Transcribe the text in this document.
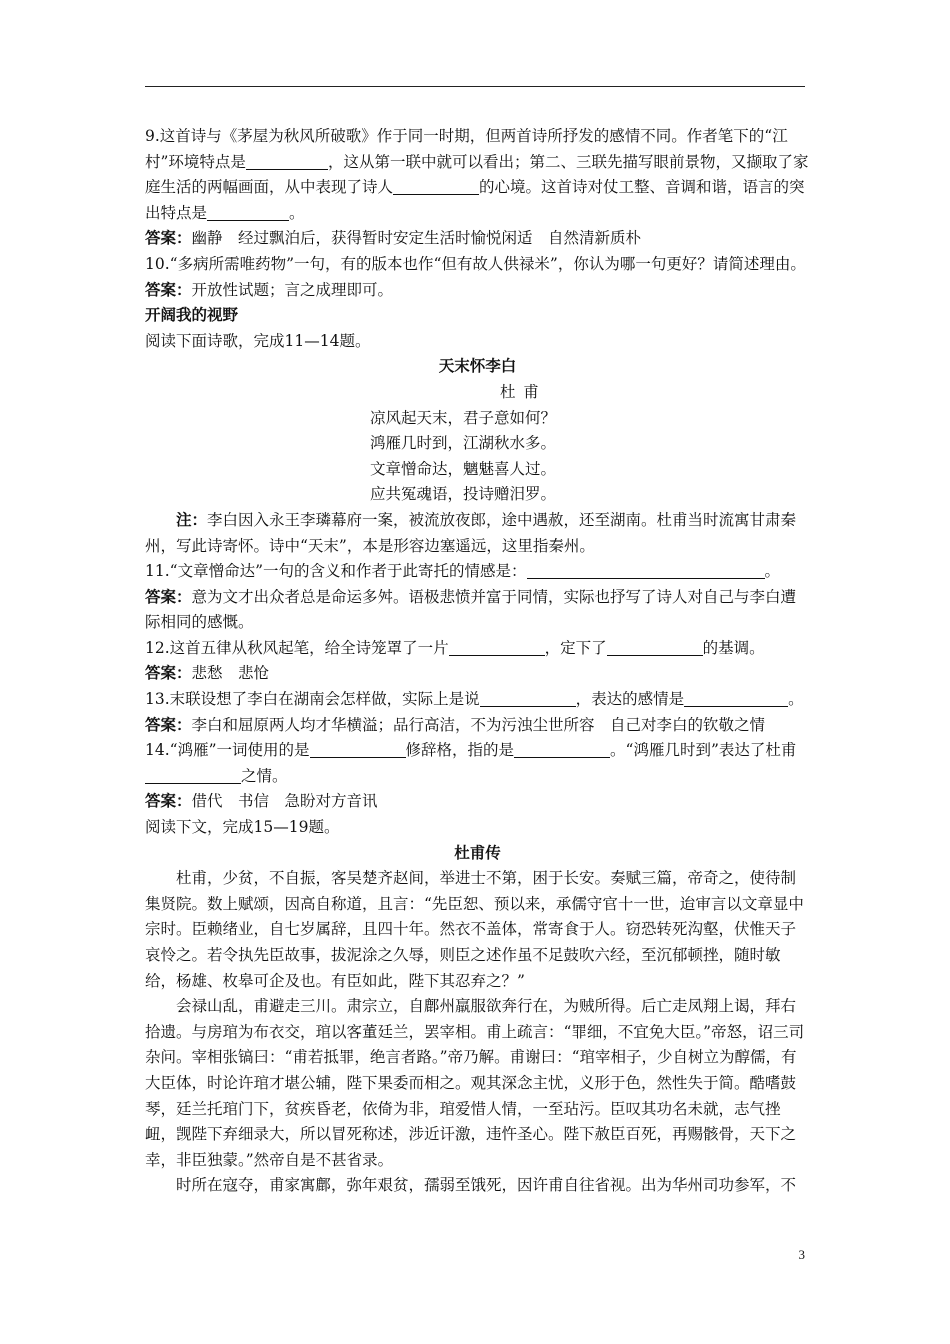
9.这首诗与《茅屋为秋风所破歌》作于同一时期，但两首诗所抒发的感情不同。作者笔下的“江村”环境特点是	，这从第一联中就可以看出；第二、三联先描写眼前景物，又撷取了家庭生活的两幅画面，从中表现了诗人	的心境。这首诗对仗工整、音调和谐，语言的突出特点是	。

答案：幽静　经过飘泊后，获得暂时安定生活时愉悦闲适　自然清新质朴

10.“多病所需唯药物”一句，有的版本也作“但有故人供禄米”，你认为哪一句更好？请简述理由。

答案：开放性试题；言之成理即可。

开阔我的视野

阅读下面诗歌，完成11—14题。

天末怀李白

杜甫

凉风起天末，君子意如何？

鸿雁几时到，江湖秋水多。

文章憎命达，魑魅喜人过。

应共冤魂语，投诗赠汨罗。

注：李白因入永王李璘幕府一案，被流放夜郎，途中遇赦，还至湖南。杜甫当时流寓甘肃秦州，写此诗寄怀。诗中“天末”，本是形容边塞遥远，这里指秦州。

11.“文章憎命达”一句的含义和作者于此寄托的情感是：	。

答案：意为文才出众者总是命运多舛。语极悲愤并富于同情，实际也抒写了诗人对自己与李白遭际相同的感慨。

12.这首五律从秋风起笔，给全诗笼罩了一片	，定下了	的基调。

答案：悲愁　悲怆

13.末联设想了李白在湖南会怎样做，实际上是说	，表达的感情是	。

答案：李白和屈原两人均才华横溢；品行高洁，不为污浊尘世所容　自己对李白的钦敬之情

14.“鸿雁”一词使用的是	修辞格，指的是	。“鸿雁几时到”表达了杜甫之情。

答案：借代　书信　急盼对方音讯

阅读下文，完成15—19题。

杜甫传

杜甫，少贫，不自振，客吴楚齐赵间，举进士不第，困于长安。奏赋三篇，帝奇之，使待制集贤院。数上赋颂，因高自称道，且言：“先臣恕、预以来，承儒守官十一世，迨审言以文章显中宗时。臣赖绪业，自七岁属辞，且四十年。然衣不盖体，常寄食于人。窃恐转死沟壑，伏惟天子哀怜之。若令执先臣故事，拔泥涂之久辱，则臣之述作虽不足鼓吹六经，至沉郁顿挫，随时敏给，杨雄、枚皋可企及也。有臣如此，陛下其忍弃之？”

会禄山乱，甫避走三川。肃宗立，自鄜州羸服欲奔行在，为贼所得。后亡走凤翔上谒，拜右拾遗。与房琯为布衣交，琯以客董廷兰，罢宰相。甫上疏言：“罪细，不宜免大臣。”帝怒，诏三司杂问。宰相张镐曰：“甫若抵罪，绝言者路。”帝乃解。甫谢曰：“琯宰相子，少自树立为醇儒，有大臣体，时论许琯才堪公辅，陛下果委而相之。观其深念主忧，义形于色，然性失于简。酷嗜鼓琴，廷兰托琯门下，贫疾昏老，依倚为非，琯爱惜人情，一至玷污。臣叹其功名未就，志气挫衄，觊陛下弃细录大，所以冒死称述，涉近讦激，违忤圣心。陛下赦臣百死，再赐骸骨，天下之幸，非臣独蒙。”然帝自是不甚省录。

时所在寇夺，甫家寓鄜，弥年艰贫，孺弱至饿死，因许甫自往省视。出为华州司功参军，不

3
